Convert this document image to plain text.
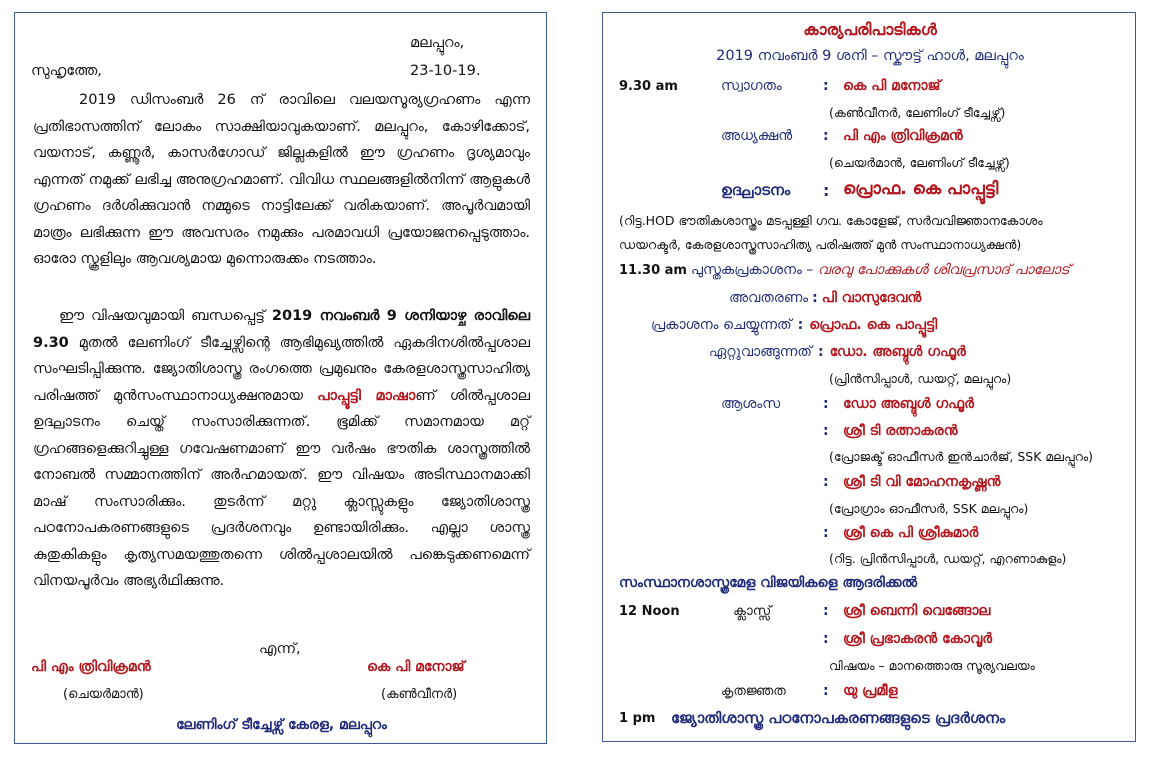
മലപ്പുറം,
സുഹൃത്തേ,	23-10-19.
2019 ഡിസംബർ 26 ന് രാവിലെ വലയസൂര്യഗ്രഹണം എന്ന പ്രതിഭാസത്തിന് ലോകം സാക്ഷിയാവുകയാണ്. മലപ്പുറം, കോഴിക്കോട്, വയനാട്, കണ്ണൂർ, കാസർഗോഡ് ജില്ലകളിൽ ഈ ഗ്രഹണം ദൃശ്യമാവും എന്നത് നമുക്ക് ലഭിച്ച അനുഗ്രഹമാണ്. വിവിധ സ്ഥലങ്ങളിൽനിന്ന് ആളുകൾ ഗ്രഹണം ദർശിക്കുവാൻ നമ്മുടെ നാട്ടിലേക്ക് വരികയാണ്. അപൂർവമായി മാത്രം ലഭിക്കുന്ന ഈ അവസരം നമുക്കും പരമാവധി പ്രയോജനപ്പെടുത്താം. ഓരോ സ്കൂളിലും ആവശ്യമായ മുന്നൊരുക്കം നടത്താം.
ഈ വിഷയവുമായി ബന്ധപ്പെട്ട് 2019 നവംബർ 9 ശനിയാഴ്ച രാവിലെ 9.30 മുതൽ ലേണിംഗ് ടീച്ചേഴ്സിന്റെ ആഭിമുഖ്യത്തിൽ ഏകദിനശിൽപ്പശാല സംഘടിപ്പിക്കുന്നു. ജ്യോതിശാസ്ത്ര രംഗത്തെ പ്രമുഖനും കേരളശാസ്ത്രസാഹിത്യ പരിഷത്ത് മുൻസംസ്ഥാനാധ്യക്ഷനുമായ പാപ്പൂട്ടി മാഷാണ് ശിൽപ്പശാല ഉദ്ഘാടനം ചെയ്ത് സംസാരിക്കുന്നത്. ഭൂമിക്ക് സമാനമായ മറ്റ് ഗ്രഹങ്ങളെക്കുറിച്ചുള്ള ഗവേഷണമാണ് ഈ വർഷം ഭൗതിക ശാസ്ത്രത്തിൽ നോബൽ സമ്മാനത്തിന് അർഹമായത്. ഈ വിഷയം അടിസ്ഥാനമാക്കി മാഷ് സംസാരിക്കും. തുടർന്ന് മറ്റു ക്ലാസ്സുകളും ജ്യോതിശാസ്ത്ര പഠനോപകരണങ്ങളുടെ പ്രദർശനവും ഉണ്ടായിരിക്കും. എല്ലാ ശാസ്ത്ര കുതുകികളും കൃത്യസമയത്തുതന്നെ ശിൽപ്പശാലയിൽ പങ്കെടുക്കണമെന്ന് വിനയപൂർവം അഭ്യർഥിക്കുന്നു.
എന്ന്,
പി എം ത്രിവിക്രമൻ
(ചെയർമാൻ)
കെ പി മനോജ്
(കൺവീനർ)
ലേണിംഗ് ടീച്ചേഴ്സ് കേരള, മലപ്പുറം
കാര്യപരിപാടികൾ
2019 നവംബർ 9 ശനി – സ്കൗട്ട് ഹാൾ, മലപ്പുറം
9.30 am	സ്വാഗതം	: കെ പി മനോജ്
(കൺവീനർ, ലേണിംഗ് ടീച്ചേഴ്സ്)
അധ്യക്ഷൻ : പി എം ത്രിവിക്രമൻ
(ചെയർമാൻ, ലേണിംഗ് ടീച്ചേഴ്സ്)
ഉദ്ഘാടനം : പ്രൊഫ. കെ പാപ്പൂട്ടി
(റിട്ട.HOD ഭൗതികശാസ്ത്രം മടപ്പള്ളി ഗവ. കോളേജ്, സർവവിജ്ഞാനകോശം
ഡയറക്ടർ, കേരളശാസ്ത്രസാഹിത്യ പരിഷത്ത് മുൻ സംസ്ഥാനാധ്യക്ഷൻ)
11.30 am പുസ്തകപ്രകാശനം – വരവു പോക്കുകൾ ശിവപ്രസാദ് പാലോട്
അവതരണം : പി വാസുദേവൻ
പ്രകാശനം ചെയ്യുന്നത് : പ്രൊഫ. കെ പാപ്പൂട്ടി
ഏറ്റുവാങ്ങുന്നത് : ഡോ. അബ്ദുൾ ഗഫൂർ
(പ്രിൻസിപ്പാൾ, ഡയറ്റ്, മലപ്പുറം)
ആശംസ	: ഡോ അബ്ദുൾ ഗഫൂർ
: ശ്രീ ടി രത്നാകരൻ
(പ്രോജക്ട് ഓഫീസർ ഇൻചാർജ്, SSK മലപ്പുറം)
: ശ്രീ ടി വി മോഹനകൃഷ്ണൻ
(പ്രോഗ്രാം ഓഫീസർ, SSK മലപ്പുറം)
: ശ്രീ കെ പി ശ്രീകുമാർ
(റിട്ട. പ്രിൻസിപ്പാൾ, ഡയറ്റ്, എറണാകുളം)
സംസ്ഥാനശാസ്ത്രമേള വിജയികളെ ആദരിക്കൽ
12 Noon	ക്ലാസ്സ്	: ശ്രീ ബെന്നി വെങ്ങോല
: ശ്രീ പ്രഭാകരൻ കോവൂർ
വിഷയം – മാനത്തൊരു സൂര്യവലയം
കൃതജ്ഞത	: യു പ്രമീള
1 pm ജ്യോതിശാസ്ത്ര പഠനോപകരണങ്ങളുടെ പ്രദർശനം
